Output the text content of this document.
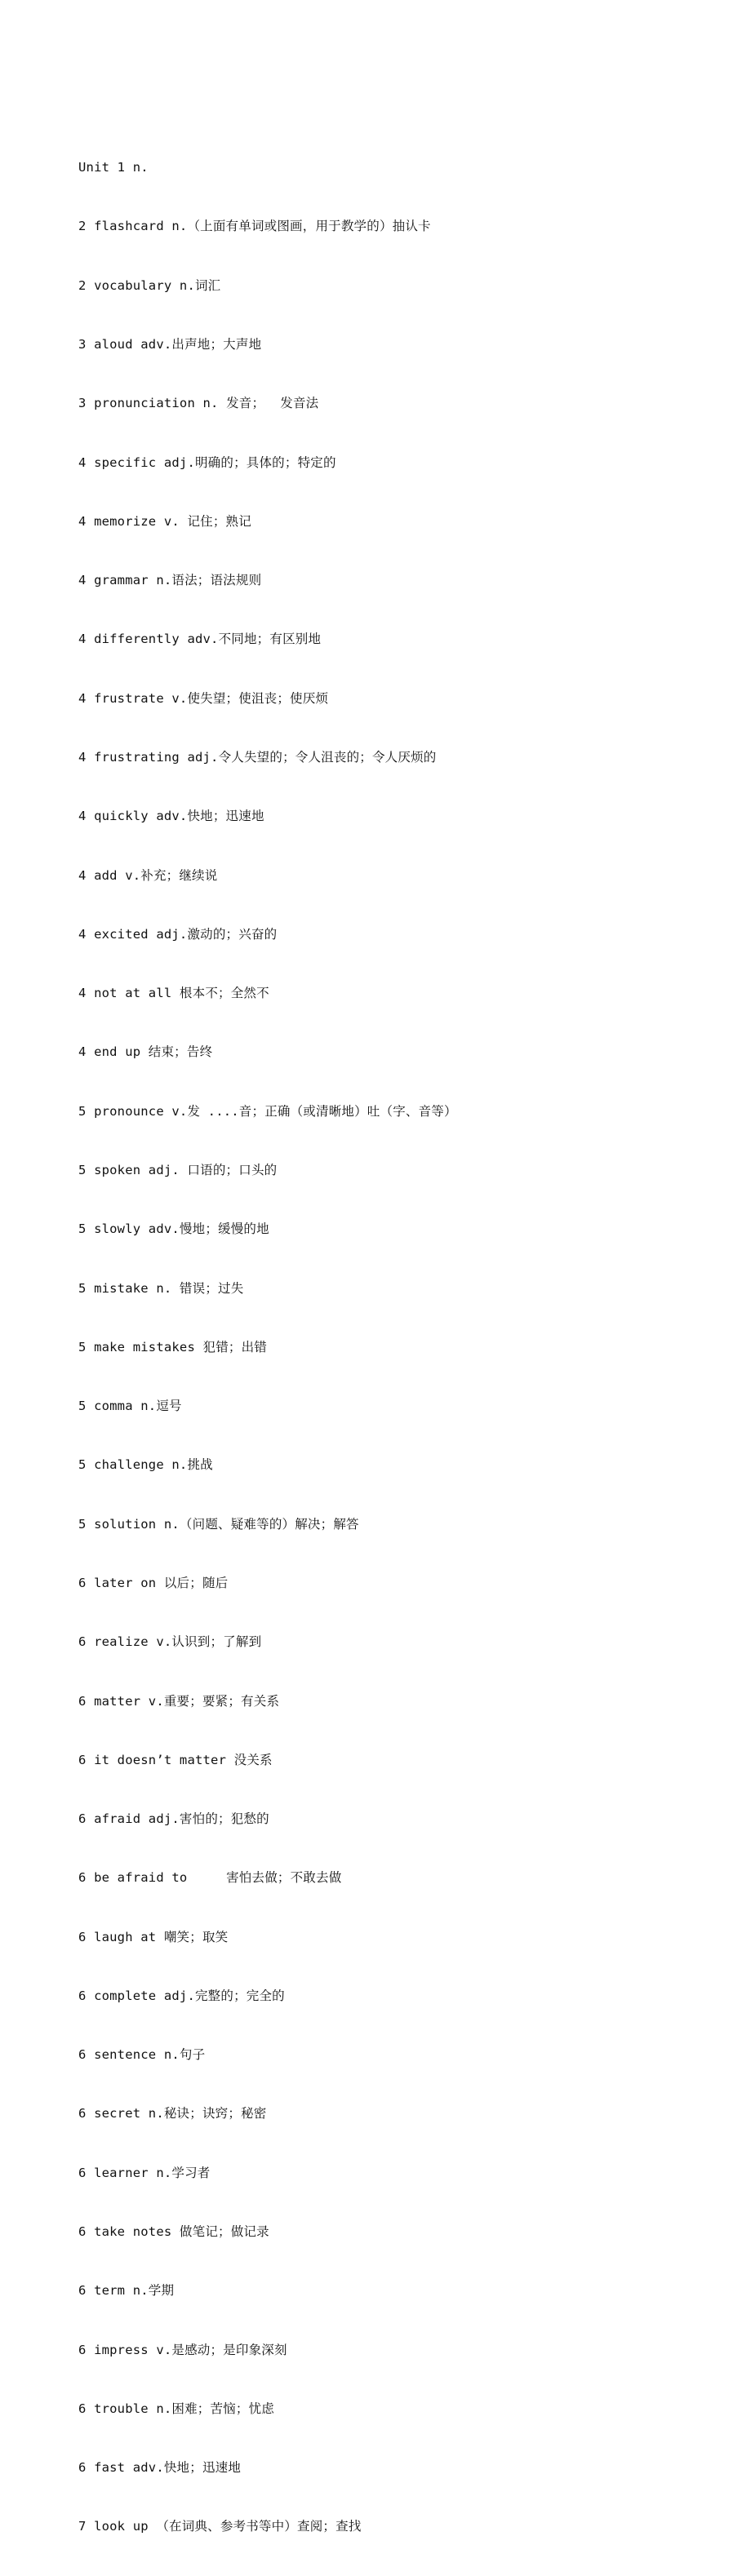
Unit 1 n.

2 flashcard n.（上面有单词或图画，用于教学的）抽认卡

2 vocabulary n.词汇

3 aloud adv.出声地；大声地

3 pronunciation n. 发音；  发音法

4 specific adj.明确的；具体的；特定的

4 memorize v. 记住；熟记

4 grammar n.语法；语法规则

4 differently adv.不同地；有区别地

4 frustrate v.使失望；使沮丧；使厌烦

4 frustrating adj.令人失望的；令人沮丧的；令人厌烦的

4 quickly adv.快地；迅速地

4 add v.补充；继续说

4 excited adj.激动的；兴奋的

4 not at all 根本不；全然不

4 end up 结束；告终

5 pronounce v.发 ....音；正确（或清晰地）吐（字、音等）

5 spoken adj. 口语的；口头的

5 slowly adv.慢地；缓慢的地

5 mistake n. 错误；过失

5 make mistakes 犯错；出错

5 comma n.逗号

5 challenge n.挑战

5 solution n.（问题、疑难等的）解决；解答

6 later on 以后；随后

6 realize v.认识到；了解到

6 matter v.重要；要紧；有关系

6 it doesn’t matter 没关系

6 afraid adj.害怕的；犯愁的

6 be afraid to     害怕去做；不敢去做

6 laugh at 嘲笑；取笑

6 complete adj.完整的；完全的

6 sentence n.句子

6 secret n.秘诀；诀窍；秘密

6 learner n.学习者

6 take notes 做笔记；做记录

6 term n.学期

6 impress v.是感动；是印象深刻

6 trouble n.困难；苦恼；忧虑

6 fast adv.快地；迅速地

7 look up （在词典、参考书等中）查阅；查找
